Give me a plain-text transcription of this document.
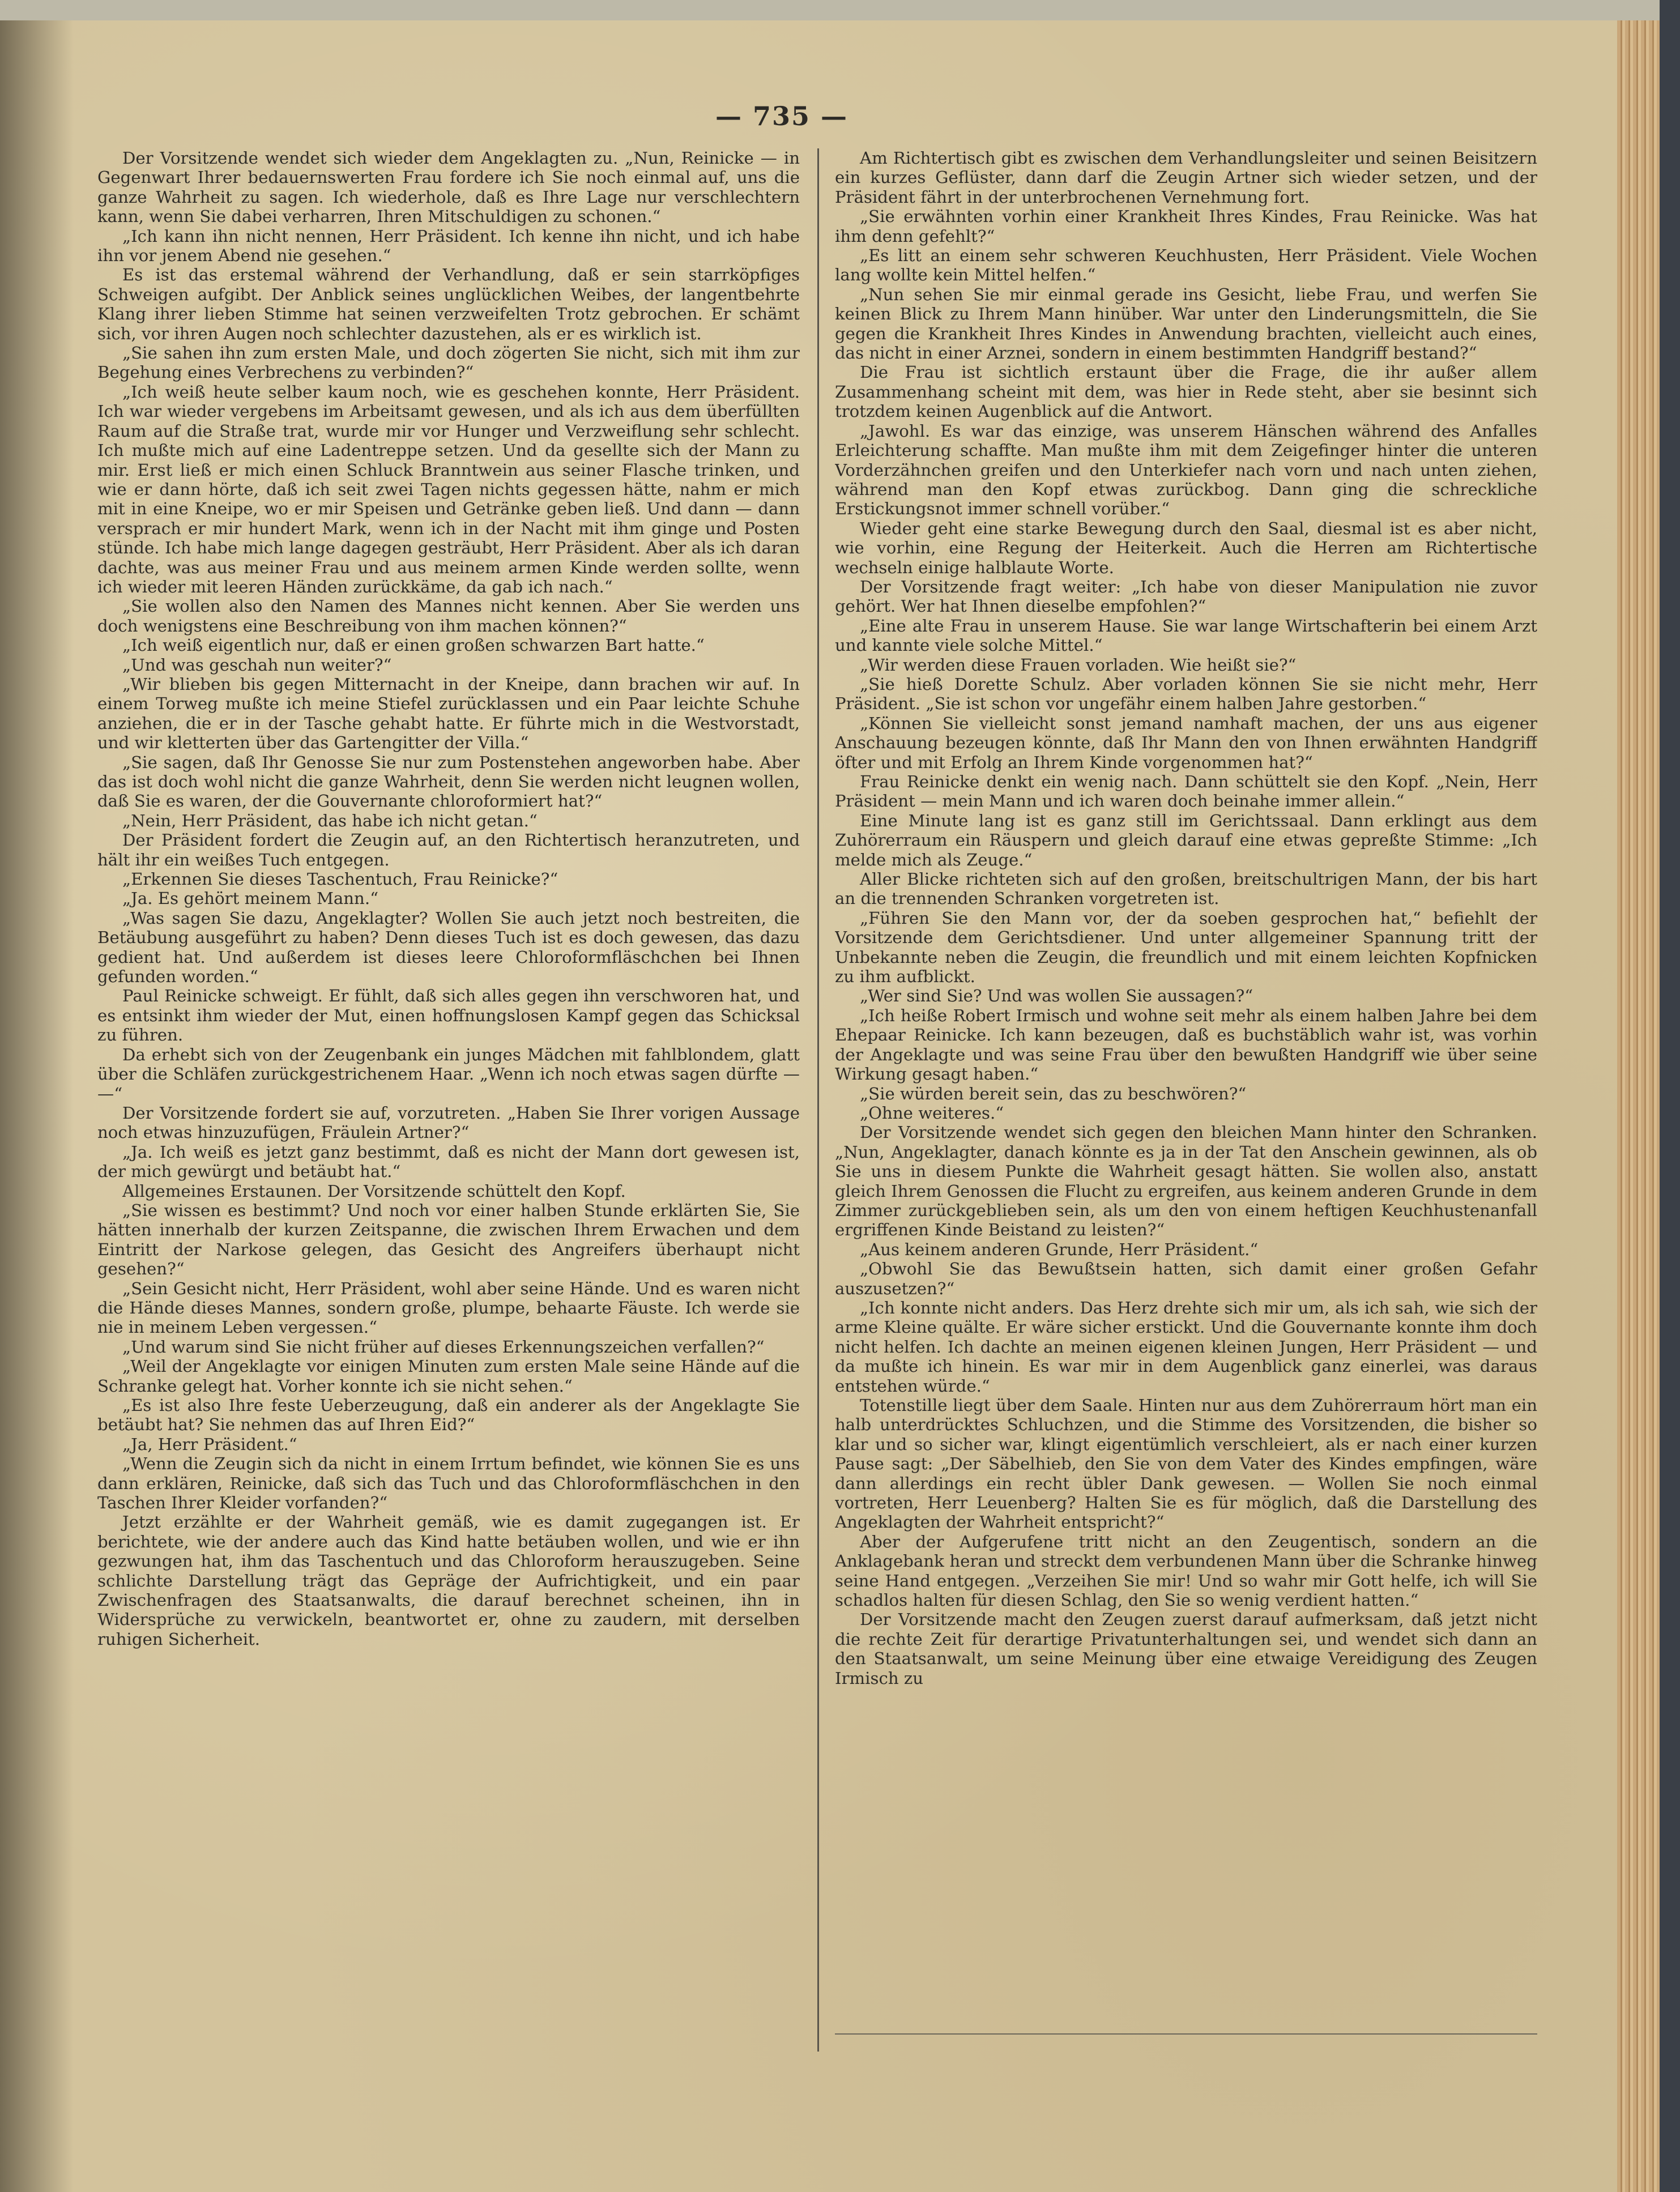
— 735 —

Der Vorsitzende wendet sich wieder dem Angeklagten zu. „Nun, Reinicke — in Gegenwart Ihrer bedauernswerten Frau fordere ich Sie noch einmal auf, uns die ganze Wahrheit zu sagen. Ich wiederhole, daß es Ihre Lage nur verschlechtern kann, wenn Sie dabei verharren, Ihren Mitschuldigen zu schonen.“

„Ich kann ihn nicht nennen, Herr Präsident. Ich kenne ihn nicht, und ich habe ihn vor jenem Abend nie gesehen.“

Es ist das erstemal während der Verhandlung, daß er sein starrköpfiges Schweigen aufgibt. Der Anblick seines unglücklichen Weibes, der langentbehrte Klang ihrer lieben Stimme hat seinen verzweifelten Trotz gebrochen. Er schämt sich, vor ihren Augen noch schlechter dazustehen, als er es wirklich ist.

„Sie sahen ihn zum ersten Male, und doch zögerten Sie nicht, sich mit ihm zur Begehung eines Verbrechens zu verbinden?“

„Ich weiß heute selber kaum noch, wie es geschehen konnte, Herr Präsident. Ich war wieder vergebens im Arbeitsamt gewesen, und als ich aus dem überfüllten Raum auf die Straße trat, wurde mir vor Hunger und Verzweiflung sehr schlecht. Ich mußte mich auf eine Ladentreppe setzen. Und da gesellte sich der Mann zu mir. Erst ließ er mich einen Schluck Branntwein aus seiner Flasche trinken, und wie er dann hörte, daß ich seit zwei Tagen nichts gegessen hätte, nahm er mich mit in eine Kneipe, wo er mir Speisen und Getränke geben ließ. Und dann — dann versprach er mir hundert Mark, wenn ich in der Nacht mit ihm ginge und Posten stünde. Ich habe mich lange dagegen gesträubt, Herr Präsident. Aber als ich daran dachte, was aus meiner Frau und aus meinem armen Kinde werden sollte, wenn ich wieder mit leeren Händen zurückkäme, da gab ich nach.“

„Sie wollen also den Namen des Mannes nicht kennen. Aber Sie werden uns doch wenigstens eine Beschreibung von ihm machen können?“

„Ich weiß eigentlich nur, daß er einen großen schwarzen Bart hatte.“

„Und was geschah nun weiter?“

„Wir blieben bis gegen Mitternacht in der Kneipe, dann brachen wir auf. In einem Torweg mußte ich meine Stiefel zurücklassen und ein Paar leichte Schuhe anziehen, die er in der Tasche gehabt hatte. Er führte mich in die Westvorstadt, und wir kletterten über das Gartengitter der Villa.“

„Sie sagen, daß Ihr Genosse Sie nur zum Postenstehen angeworben habe. Aber das ist doch wohl nicht die ganze Wahrheit, denn Sie werden nicht leugnen wollen, daß Sie es waren, der die Gouvernante chloroformiert hat?“

„Nein, Herr Präsident, das habe ich nicht getan.“

Der Präsident fordert die Zeugin auf, an den Richtertisch heranzutreten, und hält ihr ein weißes Tuch entgegen.

„Erkennen Sie dieses Taschentuch, Frau Reinicke?“

„Ja. Es gehört meinem Mann.“

„Was sagen Sie dazu, Angeklagter? Wollen Sie auch jetzt noch bestreiten, die Betäubung ausgeführt zu haben? Denn dieses Tuch ist es doch gewesen, das dazu gedient hat. Und außerdem ist dieses leere Chloroformfläschchen bei Ihnen gefunden worden.“

Paul Reinicke schweigt. Er fühlt, daß sich alles gegen ihn verschworen hat, und es entsinkt ihm wieder der Mut, einen hoffnungslosen Kampf gegen das Schicksal zu führen.

Da erhebt sich von der Zeugenbank ein junges Mädchen mit fahlblondem, glatt über die Schläfen zurückgestrichenem Haar. „Wenn ich noch etwas sagen dürfte — —“

Der Vorsitzende fordert sie auf, vorzutreten. „Haben Sie Ihrer vorigen Aussage noch etwas hinzuzufügen, Fräulein Artner?“

„Ja. Ich weiß es jetzt ganz bestimmt, daß es nicht der Mann dort gewesen ist, der mich gewürgt und betäubt hat.“

Allgemeines Erstaunen. Der Vorsitzende schüttelt den Kopf.

„Sie wissen es bestimmt? Und noch vor einer halben Stunde erklärten Sie, Sie hätten innerhalb der kurzen Zeitspanne, die zwischen Ihrem Erwachen und dem Eintritt der Narkose gelegen, das Gesicht des Angreifers überhaupt nicht gesehen?“

„Sein Gesicht nicht, Herr Präsident, wohl aber seine Hände. Und es waren nicht die Hände dieses Mannes, sondern große, plumpe, behaarte Fäuste. Ich werde sie nie in meinem Leben vergessen.“

„Und warum sind Sie nicht früher auf dieses Erkennungszeichen verfallen?“

„Weil der Angeklagte vor einigen Minuten zum ersten Male seine Hände auf die Schranke gelegt hat. Vorher konnte ich sie nicht sehen.“

„Es ist also Ihre feste Ueberzeugung, daß ein anderer als der Angeklagte Sie betäubt hat? Sie nehmen das auf Ihren Eid?“

„Ja, Herr Präsident.“

„Wenn die Zeugin sich da nicht in einem Irrtum befindet, wie können Sie es uns dann erklären, Reinicke, daß sich das Tuch und das Chloroformfläschchen in den Taschen Ihrer Kleider vorfanden?“

Jetzt erzählte er der Wahrheit gemäß, wie es damit zugegangen ist. Er berichtete, wie der andere auch das Kind hatte betäuben wollen, und wie er ihn gezwungen hat, ihm das Taschentuch und das Chloroform herauszugeben. Seine schlichte Darstellung trägt das Gepräge der Aufrichtigkeit, und ein paar Zwischenfragen des Staatsanwalts, die darauf berechnet scheinen, ihn in Widersprüche zu verwickeln, beantwortet er, ohne zu zaudern, mit derselben ruhigen Sicherheit.

Am Richtertisch gibt es zwischen dem Verhandlungsleiter und seinen Beisitzern ein kurzes Geflüster, dann darf die Zeugin Artner sich wieder setzen, und der Präsident fährt in der unterbrochenen Vernehmung fort.

„Sie erwähnten vorhin einer Krankheit Ihres Kindes, Frau Reinicke. Was hat ihm denn gefehlt?“

„Es litt an einem sehr schweren Keuchhusten, Herr Präsident. Viele Wochen lang wollte kein Mittel helfen.“

„Nun sehen Sie mir einmal gerade ins Gesicht, liebe Frau, und werfen Sie keinen Blick zu Ihrem Mann hinüber. War unter den Linderungsmitteln, die Sie gegen die Krankheit Ihres Kindes in Anwendung brachten, vielleicht auch eines, das nicht in einer Arznei, sondern in einem bestimmten Handgriff bestand?“

Die Frau ist sichtlich erstaunt über die Frage, die ihr außer allem Zusammenhang scheint mit dem, was hier in Rede steht, aber sie besinnt sich trotzdem keinen Augenblick auf die Antwort.

„Jawohl. Es war das einzige, was unserem Hänschen während des Anfalles Erleichterung schaffte. Man mußte ihm mit dem Zeigefinger hinter die unteren Vorderzähnchen greifen und den Unterkiefer nach vorn und nach unten ziehen, während man den Kopf etwas zurückbog. Dann ging die schreckliche Erstickungsnot immer schnell vorüber.“

Wieder geht eine starke Bewegung durch den Saal, diesmal ist es aber nicht, wie vorhin, eine Regung der Heiterkeit. Auch die Herren am Richtertische wechseln einige halblaute Worte.

Der Vorsitzende fragt weiter: „Ich habe von dieser Manipulation nie zuvor gehört. Wer hat Ihnen dieselbe empfohlen?“

„Eine alte Frau in unserem Hause. Sie war lange Wirtschafterin bei einem Arzt und kannte viele solche Mittel.“

„Wir werden diese Frauen vorladen. Wie heißt sie?“

„Sie hieß Dorette Schulz. Aber vorladen können Sie sie nicht mehr, Herr Präsident. „Sie ist schon vor ungefähr einem halben Jahre gestorben.“

„Können Sie vielleicht sonst jemand namhaft machen, der uns aus eigener Anschauung bezeugen könnte, daß Ihr Mann den von Ihnen erwähnten Handgriff öfter und mit Erfolg an Ihrem Kinde vorgenommen hat?“

Frau Reinicke denkt ein wenig nach. Dann schüttelt sie den Kopf. „Nein, Herr Präsident — mein Mann und ich waren doch beinahe immer allein.“

Eine Minute lang ist es ganz still im Gerichtssaal. Dann erklingt aus dem Zuhörerraum ein Räuspern und gleich darauf eine etwas gepreßte Stimme: „Ich melde mich als Zeuge.“

Aller Blicke richteten sich auf den großen, breitschultrigen Mann, der bis hart an die trennenden Schranken vorgetreten ist.

„Führen Sie den Mann vor, der da soeben gesprochen hat,“ befiehlt der Vorsitzende dem Gerichtsdiener. Und unter allgemeiner Spannung tritt der Unbekannte neben die Zeugin, die freundlich und mit einem leichten Kopfnicken zu ihm aufblickt.

„Wer sind Sie? Und was wollen Sie aussagen?“

„Ich heiße Robert Irmisch und wohne seit mehr als einem halben Jahre bei dem Ehepaar Reinicke. Ich kann bezeugen, daß es buchstäblich wahr ist, was vorhin der Angeklagte und was seine Frau über den bewußten Handgriff wie über seine Wirkung gesagt haben.“

„Sie würden bereit sein, das zu beschwören?“

„Ohne weiteres.“

Der Vorsitzende wendet sich gegen den bleichen Mann hinter den Schranken. „Nun, Angeklagter, danach könnte es ja in der Tat den Anschein gewinnen, als ob Sie uns in diesem Punkte die Wahrheit gesagt hätten. Sie wollen also, anstatt gleich Ihrem Genossen die Flucht zu ergreifen, aus keinem anderen Grunde in dem Zimmer zurückgeblieben sein, als um den von einem heftigen Keuchhustenanfall ergriffenen Kinde Beistand zu leisten?“

„Aus keinem anderen Grunde, Herr Präsident.“

„Obwohl Sie das Bewußtsein hatten, sich damit einer großen Gefahr auszusetzen?“

„Ich konnte nicht anders. Das Herz drehte sich mir um, als ich sah, wie sich der arme Kleine quälte. Er wäre sicher erstickt. Und die Gouvernante konnte ihm doch nicht helfen. Ich dachte an meinen eigenen kleinen Jungen, Herr Präsident — und da mußte ich hinein. Es war mir in dem Augenblick ganz einerlei, was daraus entstehen würde.“

Totenstille liegt über dem Saale. Hinten nur aus dem Zuhörerraum hört man ein halb unterdrücktes Schluchzen, und die Stimme des Vorsitzenden, die bisher so klar und so sicher war, klingt eigentümlich verschleiert, als er nach einer kurzen Pause sagt: „Der Säbelhieb, den Sie von dem Vater des Kindes empfingen, wäre dann allerdings ein recht übler Dank gewesen. — Wollen Sie noch einmal vortreten, Herr Leuenberg? Halten Sie es für möglich, daß die Darstellung des Angeklagten der Wahrheit entspricht?“

Aber der Aufgerufene tritt nicht an den Zeugentisch, sondern an die Anklagebank heran und streckt dem verbundenen Mann über die Schranke hinweg seine Hand entgegen. „Verzeihen Sie mir! Und so wahr mir Gott helfe, ich will Sie schadlos halten für diesen Schlag, den Sie so wenig verdient hatten.“

Der Vorsitzende macht den Zeugen zuerst darauf aufmerksam, daß jetzt nicht die rechte Zeit für derartige Privatunterhaltungen sei, und wendet sich dann an den Staatsanwalt, um seine Meinung über eine etwaige Vereidigung des Zeugen Irmisch zu
